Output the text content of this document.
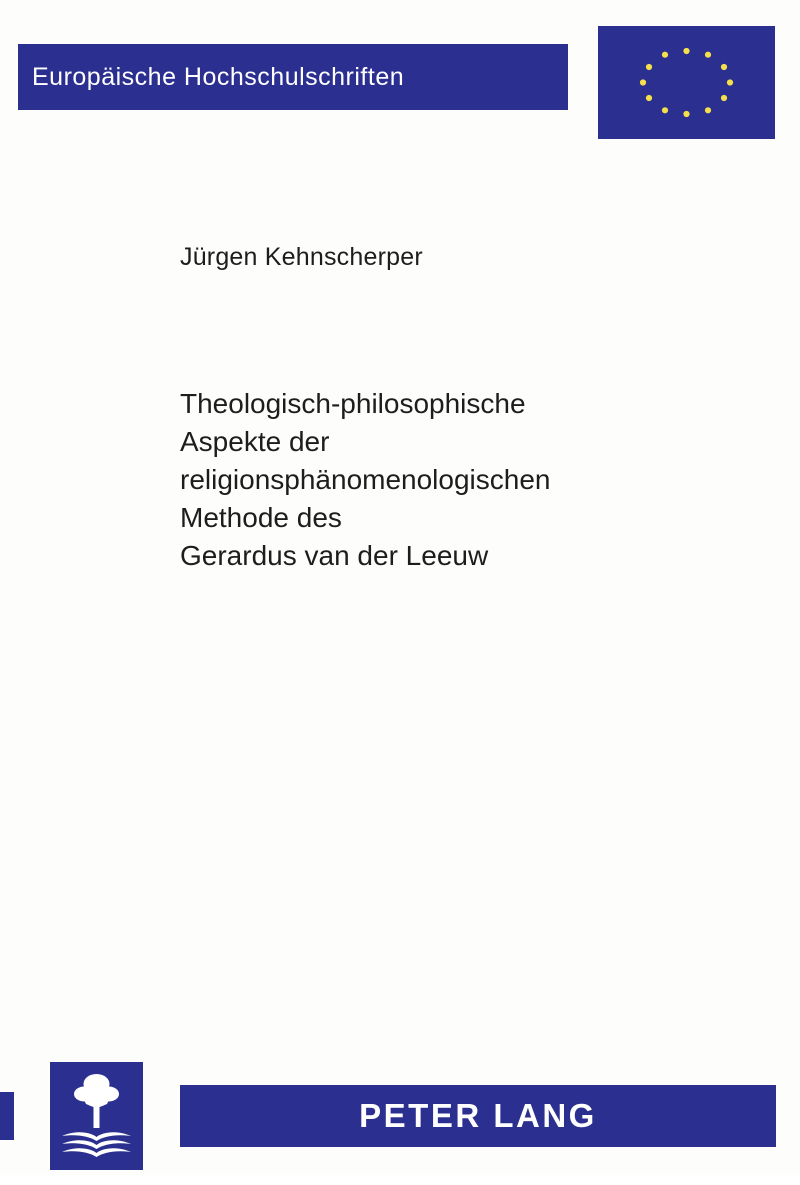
Europäische Hochschulschriften
Jürgen Kehnscherper
Theologisch-philosophische
Aspekte der
religionsphänomenologischen
Methode des
Gerardus van der Leeuw
PETER LANG
